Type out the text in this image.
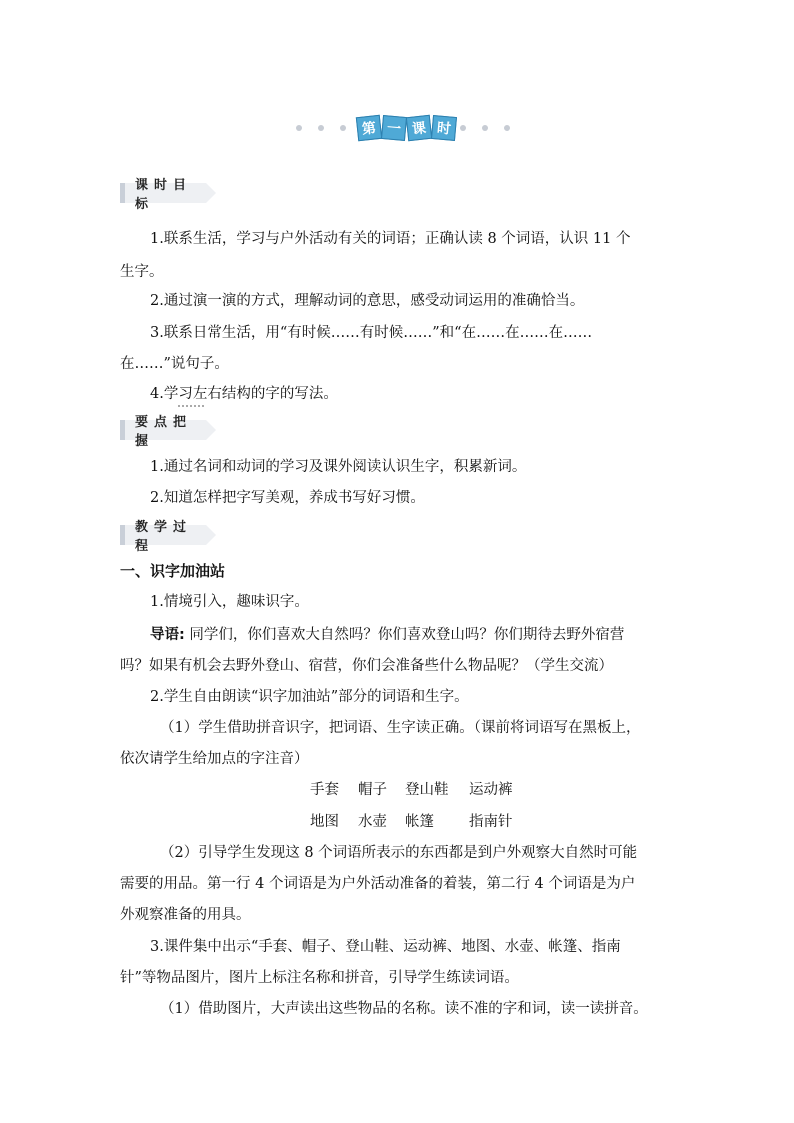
第 一 课 时
课时目标
1.联系生活，学习与户外活动有关的词语；正确认读 8 个词语，认识 11 个
生字。
2.通过演一演的方式，理解动词的意思，感受动词运用的准确恰当。
3.联系日常生活，用“有时候……有时候……”和“在……在……在……
在……”说句子。
4.学习左右结构的字的写法。
要点把握
1.通过名词和动词的学习及课外阅读认识生字，积累新词。
2.知道怎样把字写美观，养成书写好习惯。
教学过程
一、识字加油站
1.情境引入，趣味识字。
导语: 同学们，你们喜欢大自然吗？你们喜欢登山吗？你们期待去野外宿营
吗？如果有机会去野外登山、宿营，你们会准备些什么物品呢？（学生交流）
2.学生自由朗读“识字加油站”部分的词语和生字。
（1）学生借助拼音识字，把词语、生字读正确。（课前将词语写在黑板上，
依次请学生给加点的字注音）
手套 帽子 登山鞋 运动裤
地图 水壶 帐篷 指南针
（2）引导学生发现这 8 个词语所表示的东西都是到户外观察大自然时可能
需要的用品。第一行 4 个词语是为户外活动准备的着装，第二行 4 个词语是为户
外观察准备的用具。
3.课件集中出示“手套、帽子、登山鞋、运动裤、地图、水壶、帐篷、指南
针”等物品图片，图片上标注名称和拼音，引导学生练读词语。
（1）借助图片，大声读出这些物品的名称。读不准的字和词，读一读拼音。
